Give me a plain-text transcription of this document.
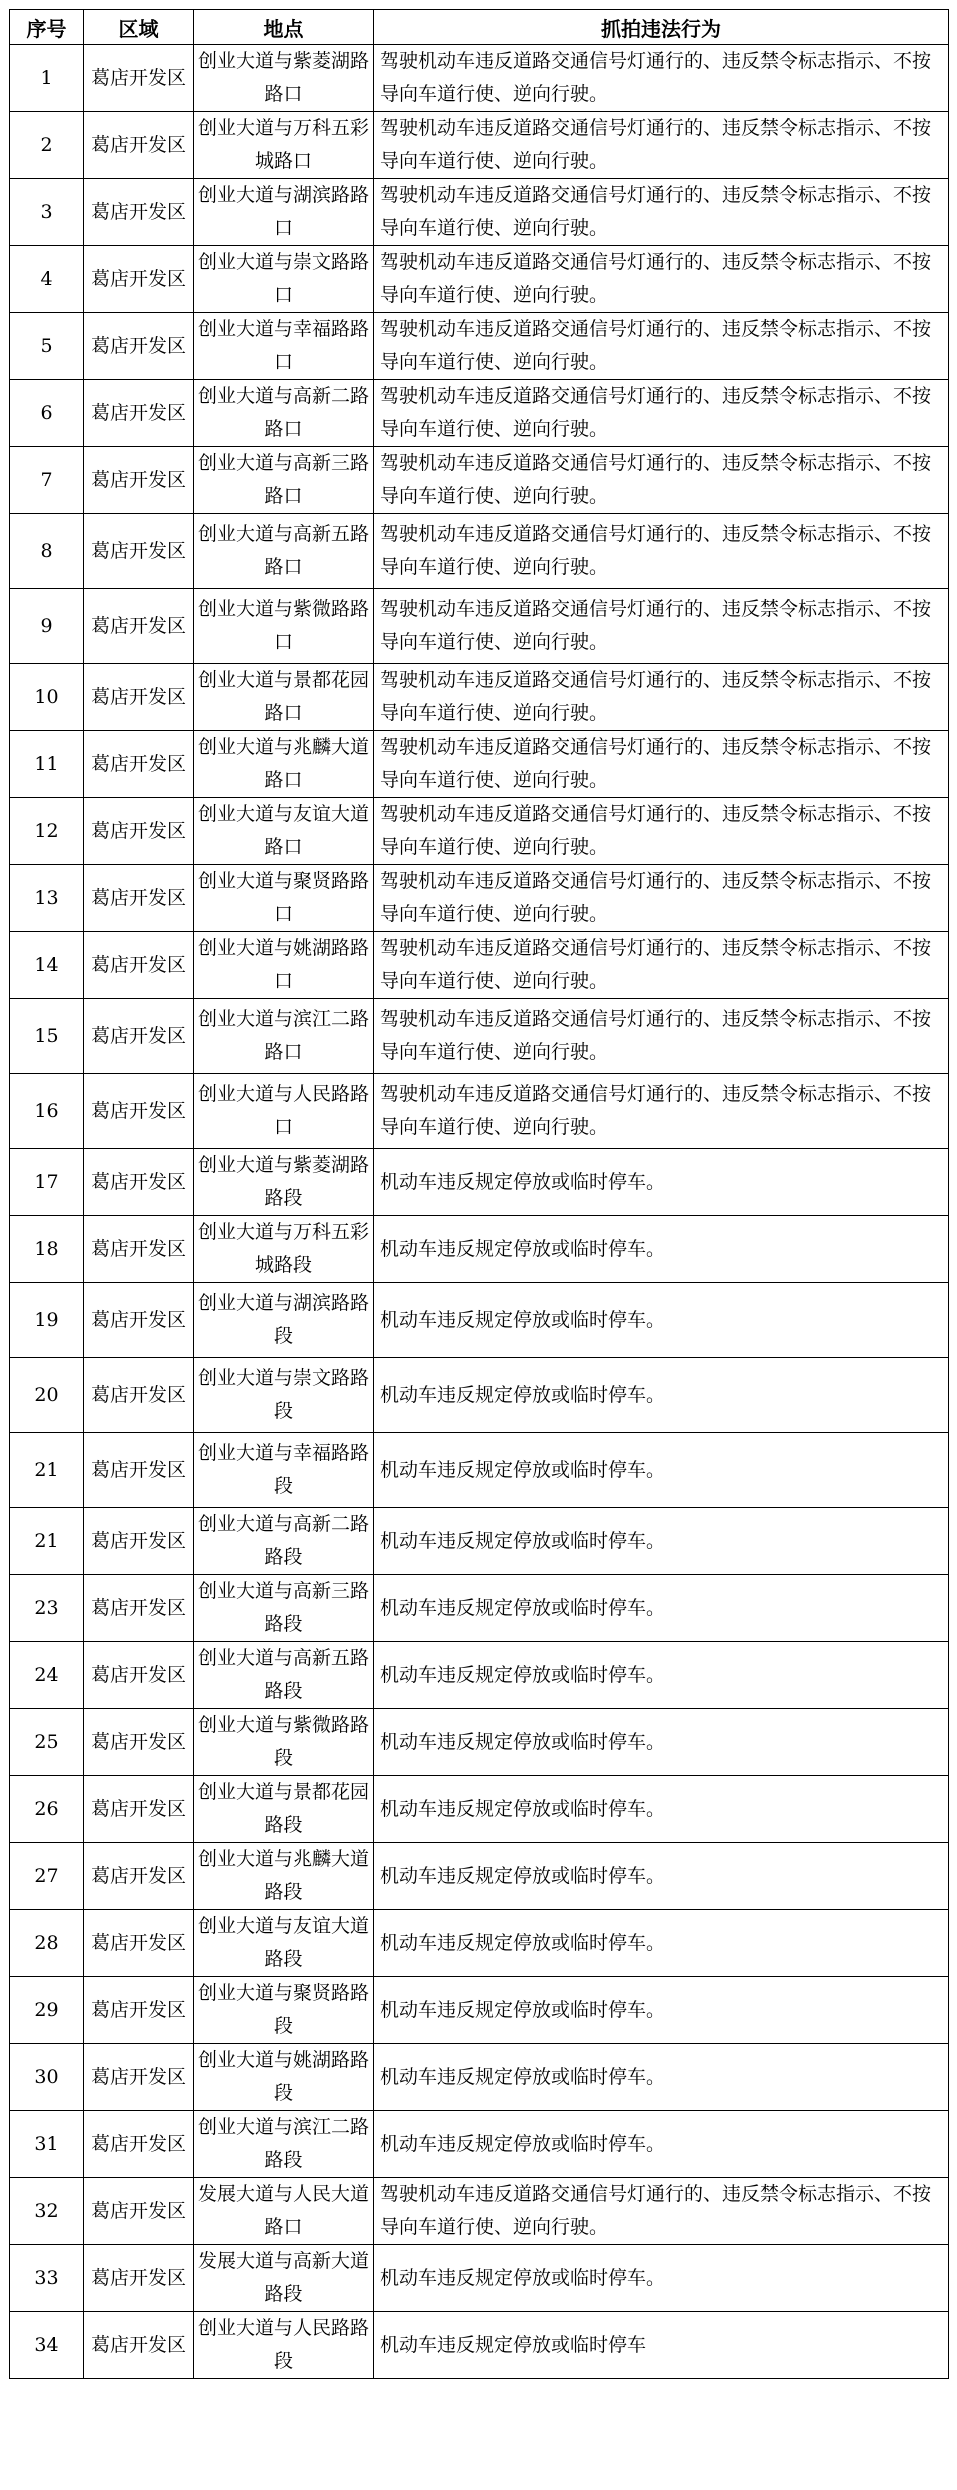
序号	区域	地点	抓拍违法行为
1	葛店开发区	创业大道与紫菱湖路路口	驾驶机动车违反道路交通信号灯通行的、违反禁令标志指示、不按导向车道行使、逆向行驶。
2	葛店开发区	创业大道与万科五彩城路口	驾驶机动车违反道路交通信号灯通行的、违反禁令标志指示、不按导向车道行使、逆向行驶。
3	葛店开发区	创业大道与湖滨路路口	驾驶机动车违反道路交通信号灯通行的、违反禁令标志指示、不按导向车道行使、逆向行驶。
4	葛店开发区	创业大道与崇文路路口	驾驶机动车违反道路交通信号灯通行的、违反禁令标志指示、不按导向车道行使、逆向行驶。
5	葛店开发区	创业大道与幸福路路口	驾驶机动车违反道路交通信号灯通行的、违反禁令标志指示、不按导向车道行使、逆向行驶。
6	葛店开发区	创业大道与高新二路路口	驾驶机动车违反道路交通信号灯通行的、违反禁令标志指示、不按导向车道行使、逆向行驶。
7	葛店开发区	创业大道与高新三路路口	驾驶机动车违反道路交通信号灯通行的、违反禁令标志指示、不按导向车道行使、逆向行驶。
8	葛店开发区	创业大道与高新五路路口	驾驶机动车违反道路交通信号灯通行的、违反禁令标志指示、不按导向车道行使、逆向行驶。
9	葛店开发区	创业大道与紫微路路口	驾驶机动车违反道路交通信号灯通行的、违反禁令标志指示、不按导向车道行使、逆向行驶。
10	葛店开发区	创业大道与景都花园路口	驾驶机动车违反道路交通信号灯通行的、违反禁令标志指示、不按导向车道行使、逆向行驶。
11	葛店开发区	创业大道与兆麟大道路口	驾驶机动车违反道路交通信号灯通行的、违反禁令标志指示、不按导向车道行使、逆向行驶。
12	葛店开发区	创业大道与友谊大道路口	驾驶机动车违反道路交通信号灯通行的、违反禁令标志指示、不按导向车道行使、逆向行驶。
13	葛店开发区	创业大道与聚贤路路口	驾驶机动车违反道路交通信号灯通行的、违反禁令标志指示、不按导向车道行使、逆向行驶。
14	葛店开发区	创业大道与姚湖路路口	驾驶机动车违反道路交通信号灯通行的、违反禁令标志指示、不按导向车道行使、逆向行驶。
15	葛店开发区	创业大道与滨江二路路口	驾驶机动车违反道路交通信号灯通行的、违反禁令标志指示、不按导向车道行使、逆向行驶。
16	葛店开发区	创业大道与人民路路口	驾驶机动车违反道路交通信号灯通行的、违反禁令标志指示、不按导向车道行使、逆向行驶。
17	葛店开发区	创业大道与紫菱湖路路段	机动车违反规定停放或临时停车。
18	葛店开发区	创业大道与万科五彩城路段	机动车违反规定停放或临时停车。
19	葛店开发区	创业大道与湖滨路路段	机动车违反规定停放或临时停车。
20	葛店开发区	创业大道与崇文路路段	机动车违反规定停放或临时停车。
21	葛店开发区	创业大道与幸福路路段	机动车违反规定停放或临时停车。
21	葛店开发区	创业大道与高新二路路段	机动车违反规定停放或临时停车。
23	葛店开发区	创业大道与高新三路路段	机动车违反规定停放或临时停车。
24	葛店开发区	创业大道与高新五路路段	机动车违反规定停放或临时停车。
25	葛店开发区	创业大道与紫微路路段	机动车违反规定停放或临时停车。
26	葛店开发区	创业大道与景都花园路段	机动车违反规定停放或临时停车。
27	葛店开发区	创业大道与兆麟大道路段	机动车违反规定停放或临时停车。
28	葛店开发区	创业大道与友谊大道路段	机动车违反规定停放或临时停车。
29	葛店开发区	创业大道与聚贤路路段	机动车违反规定停放或临时停车。
30	葛店开发区	创业大道与姚湖路路段	机动车违反规定停放或临时停车。
31	葛店开发区	创业大道与滨江二路路段	机动车违反规定停放或临时停车。
32	葛店开发区	发展大道与人民大道路口	驾驶机动车违反道路交通信号灯通行的、违反禁令标志指示、不按导向车道行使、逆向行驶。
33	葛店开发区	发展大道与高新大道路段	机动车违反规定停放或临时停车。
34	葛店开发区	创业大道与人民路路段	机动车违反规定停放或临时停车
